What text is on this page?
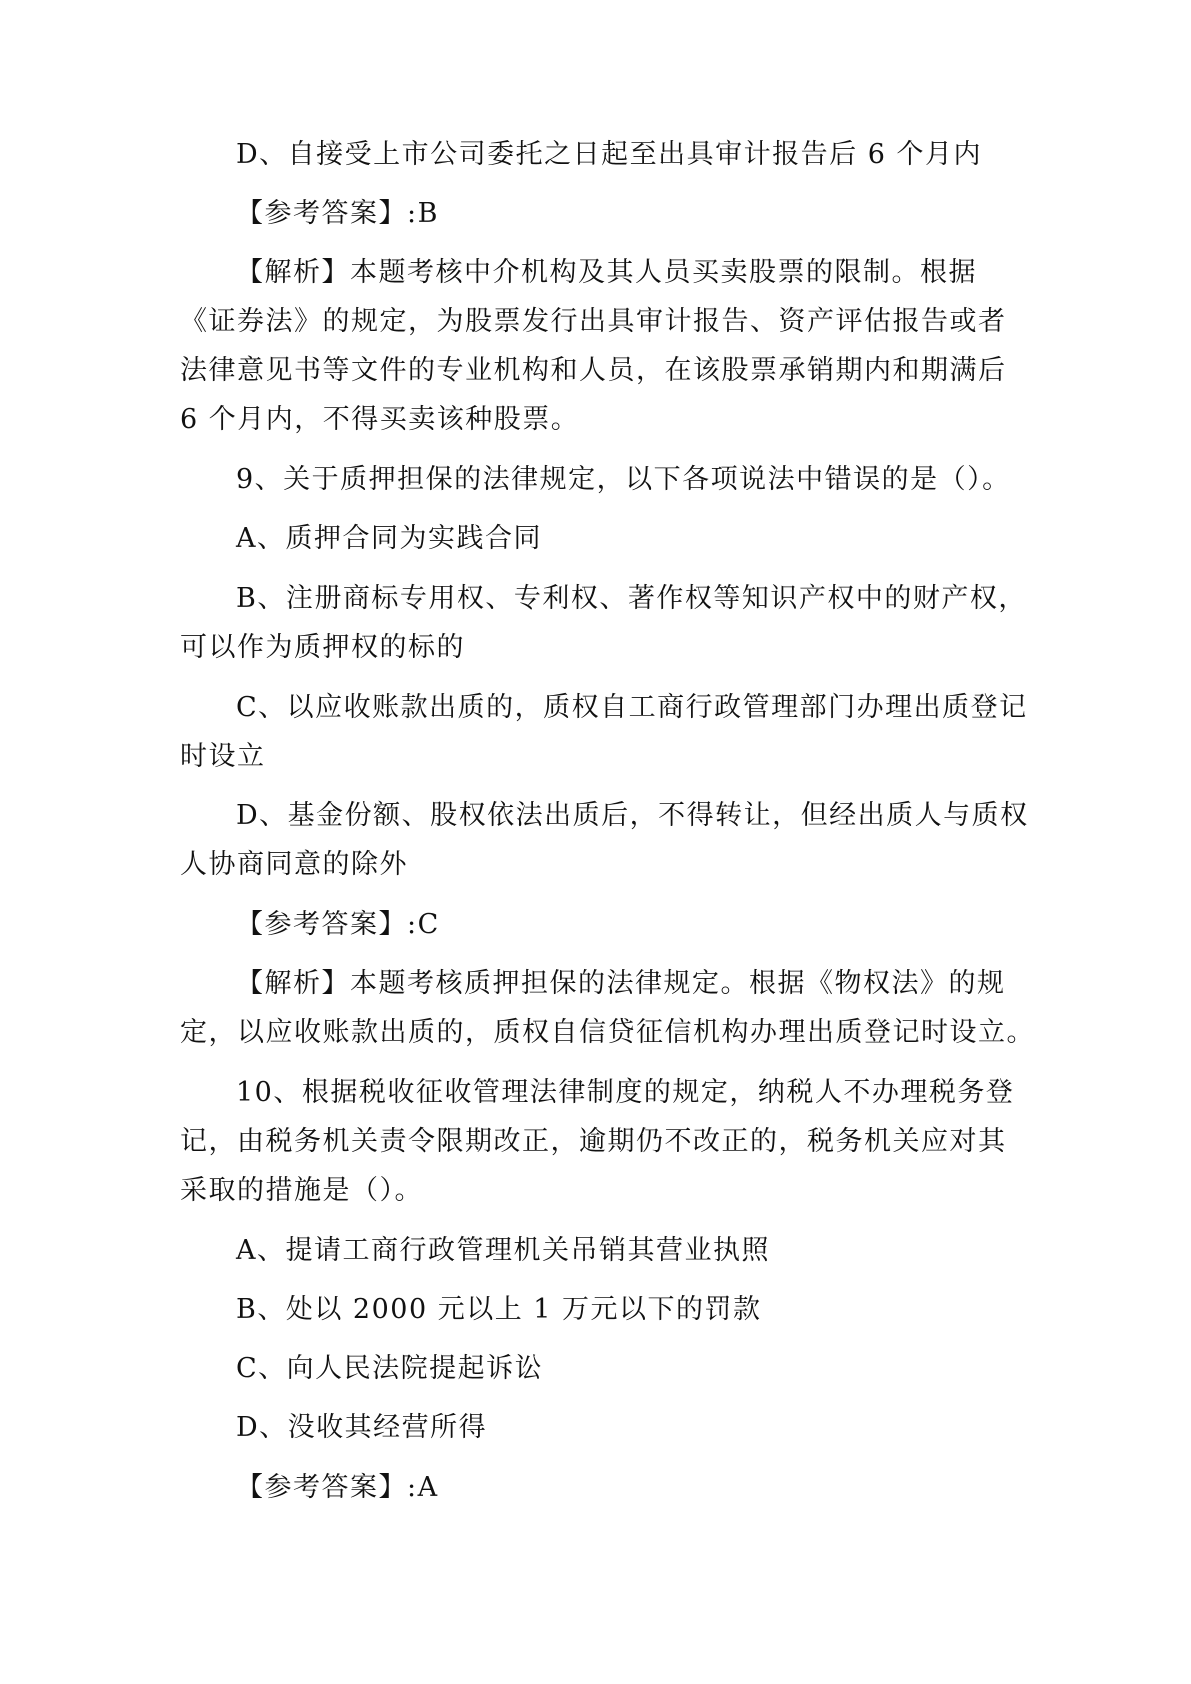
D、自接受上市公司委托之日起至出具审计报告后 6 个月内
【参考答案】:B
【解析】本题考核中介机构及其人员买卖股票的限制。根据
《证券法》的规定，为股票发行出具审计报告、资产评估报告或者
法律意见书等文件的专业机构和人员，在该股票承销期内和期满后
6 个月内，不得买卖该种股票。
9、关于质押担保的法律规定，以下各项说法中错误的是（）。
A、质押合同为实践合同
B、注册商标专用权、专利权、著作权等知识产权中的财产权，
可以作为质押权的标的
C、以应收账款出质的，质权自工商行政管理部门办理出质登记
时设立
D、基金份额、股权依法出质后，不得转让，但经出质人与质权
人协商同意的除外
【参考答案】:C
【解析】本题考核质押担保的法律规定。根据《物权法》的规
定，以应收账款出质的，质权自信贷征信机构办理出质登记时设立。
10、根据税收征收管理法律制度的规定，纳税人不办理税务登
记，由税务机关责令限期改正，逾期仍不改正的，税务机关应对其
采取的措施是（）。
A、提请工商行政管理机关吊销其营业执照
B、处以 2000 元以上 1 万元以下的罚款
C、向人民法院提起诉讼
D、没收其经营所得
【参考答案】:A
